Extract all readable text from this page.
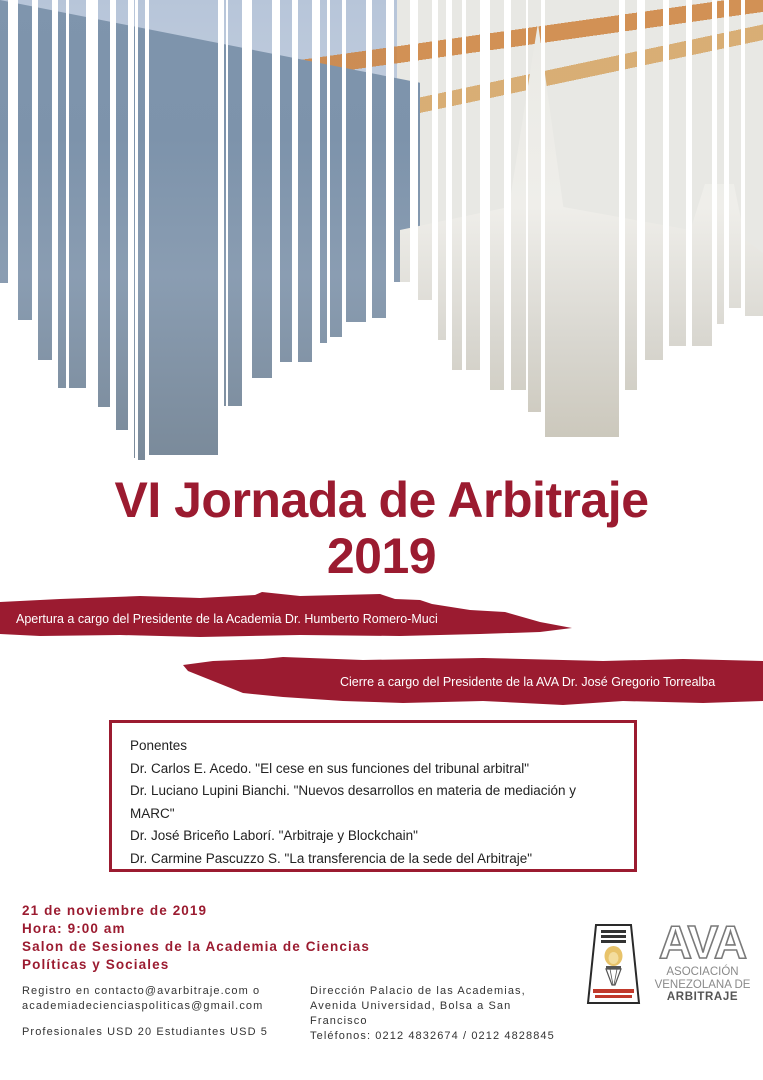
VI Jornada de Arbitraje
2019
Apertura a cargo del Presidente de la Academia Dr. Humberto Romero-Muci
Cierre a cargo del Presidente de la AVA Dr. José Gregorio Torrealba
Ponentes
Dr. Carlos E. Acedo. "El cese en sus funciones del tribunal arbitral"
Dr. Luciano Lupini Bianchi. "Nuevos desarrollos en materia de mediación y
MARC"
Dr. José Briceño Laborí. "Arbitraje y Blockchain"
Dr. Carmine Pascuzzo S. "La transferencia de la sede del Arbitraje"
21 de noviembre de 2019
Hora: 9:00 am
Salon de Sesiones de la Academia de Ciencias
Políticas y Sociales
Registro en contacto@avarbitraje.com o
academiadecienciaspoliticas@gmail.com
Profesionales USD 20 Estudiantes USD 5
Dirección Palacio de las Academias,
Avenida Universidad, Bolsa a San
Francisco
Teléfonos: 0212 4832674 / 0212 4828845
AVA
ASOCIACIÓN
VENEZOLANA DE
ARBITRAJE
